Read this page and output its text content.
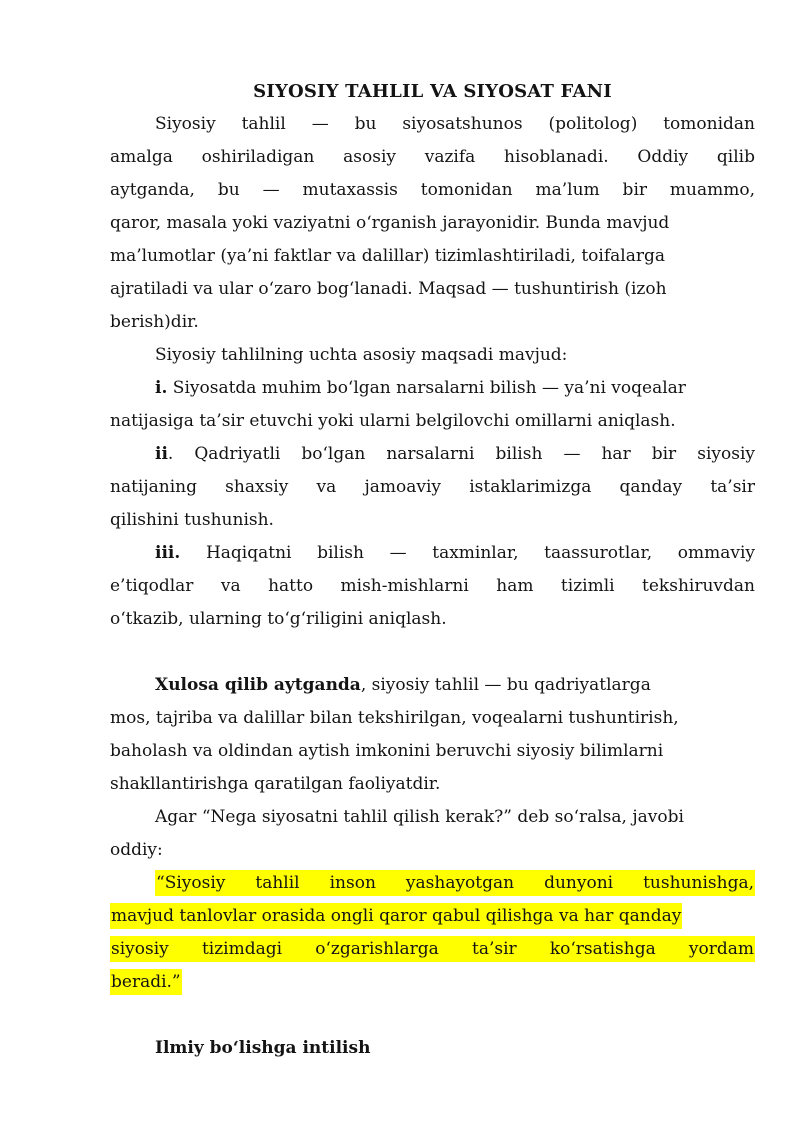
SIYOSIY TAHLIL VA SIYOSAT FANI
Siyosiy tahlil — bu siyosatshunos (politolog) tomonidan
amalga oshiriladigan asosiy vazifa hisoblanadi. Oddiy qilib
aytganda, bu — mutaxassis tomonidan ma’lum bir muammo,
qaror, masala yoki vaziyatni o‘rganish jarayonidir. Bunda mavjud
ma’lumotlar (ya’ni faktlar va dalillar) tizimlashtiriladi, toifalarga
ajratiladi va ular o‘zaro bog‘lanadi. Maqsad — tushuntirish (izoh
berish)dir.
Siyosiy tahlilning uchta asosiy maqsadi mavjud:
i. Siyosatda muhim bo‘lgan narsalarni bilish — ya’ni voqealar
natijasiga ta’sir etuvchi yoki ularni belgilovchi omillarni aniqlash.
ii. Qadriyatli bo‘lgan narsalarni bilish — har bir siyosiy
natijaning shaxsiy va jamoaviy istaklarimizga qanday ta’sir
qilishini tushunish.
iii. Haqiqatni bilish — taxminlar, taassurotlar, ommaviy
e’tiqodlar va hatto mish-mishlarni ham tizimli tekshiruvdan
o‘tkazib, ularning to‘g‘riligini aniqlash.
Xulosa qilib aytganda, siyosiy tahlil — bu qadriyatlarga
mos, tajriba va dalillar bilan tekshirilgan, voqealarni tushuntirish,
baholash va oldindan aytish imkonini beruvchi siyosiy bilimlarni
shakllantirishga qaratilgan faoliyatdir.
Agar “Nega siyosatni tahlil qilish kerak?” deb so‘ralsa, javobi
oddiy:
“Siyosiy tahlil inson yashayotgan dunyoni tushunishga,
mavjud tanlovlar orasida ongli qaror qabul qilishga va har qanday
siyosiy tizimdagi o‘zgarishlarga ta’sir ko‘rsatishga yordam
beradi.”
Ilmiy bo‘lishga intilish
